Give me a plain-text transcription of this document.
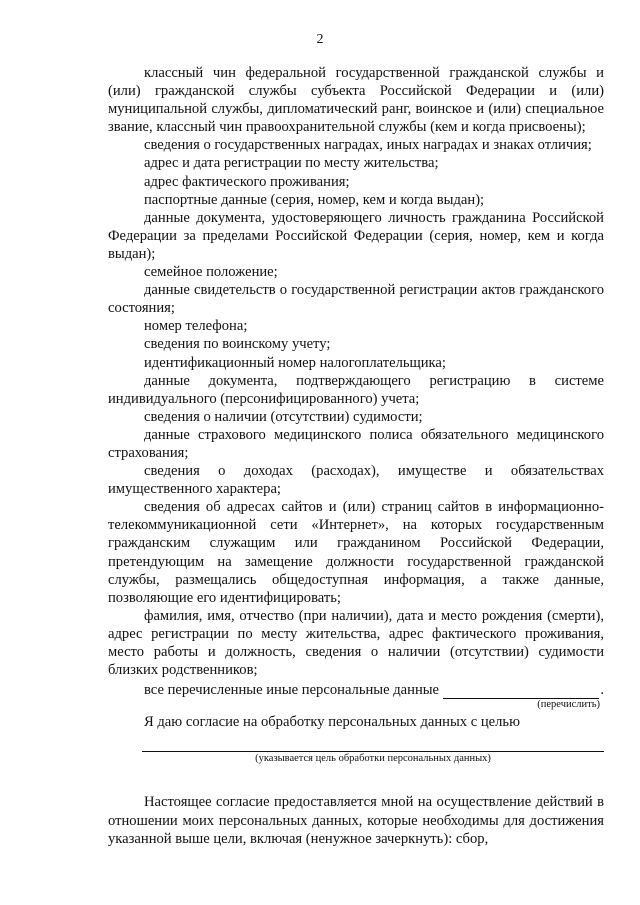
2

классный чин федеральной государственной гражданской службы и (или) гражданской службы субъекта Российской Федерации и (или) муниципальной службы, дипломатический ранг, воинское и (или) специальное звание, классный чин правоохранительной службы (кем и когда присвоены);

сведения о государственных наградах, иных наградах и знаках отличия;

адрес и дата регистрации по месту жительства;

адрес фактического проживания;

паспортные данные (серия, номер, кем и когда выдан);

данные документа, удостоверяющего личность гражданина Российской Федерации за пределами Российской Федерации (серия, номер, кем и когда выдан);

семейное положение;

данные свидетельств о государственной регистрации актов гражданского состояния;

номер телефона;

сведения по воинскому учету;

идентификационный номер налогоплательщика;

данные документа, подтверждающего регистрацию в системе индивидуального (персонифицированного) учета;

сведения о наличии (отсутствии) судимости;

данные страхового медицинского полиса обязательного медицинского страхования;

сведения о доходах (расходах), имуществе и обязательствах имущественного характера;

сведения об адресах сайтов и (или) страниц сайтов в информационно-телекоммуникационной сети «Интернет», на которых государственным гражданским служащим или гражданином Российской Федерации, претендующим на замещение должности государственной гражданской службы, размещались общедоступная информация, а также данные, позволяющие его идентифицировать;

фамилия, имя, отчество (при наличии), дата и место рождения (смерти), адрес регистрации по месту жительства, адрес фактического проживания, место работы и должность, сведения о наличии (отсутствии) судимости близких родственников;

все перечисленные иные персональные данные	.
(перечислить)

Я даю согласие на обработку персональных данных с целью

(указывается цель обработки персональных данных)

Настоящее согласие предоставляется мной на осуществление действий в отношении моих персональных данных, которые необходимы для достижения указанной выше цели, включая (ненужное зачеркнуть): сбор,
